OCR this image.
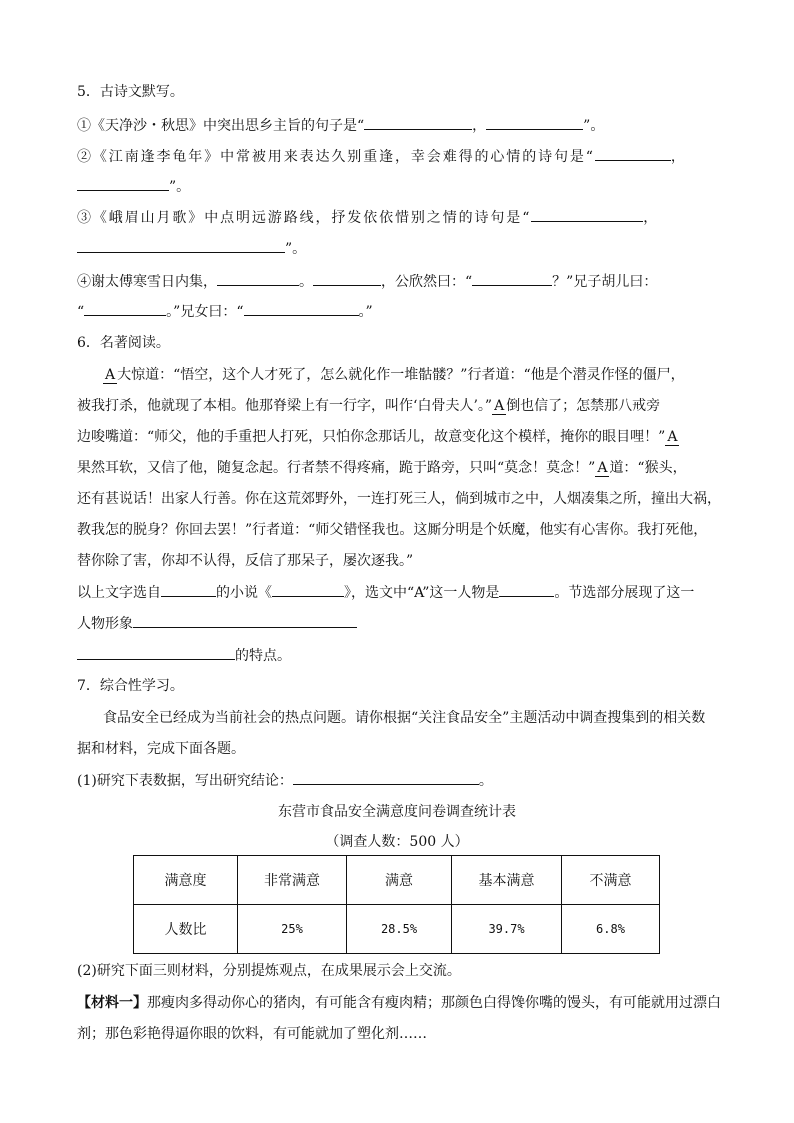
5．古诗文默写。
①《天净沙・秋思》中突出思乡主旨的句子是“	，	”。
②《江南逢李龟年》中常被用来表达久别重逢，幸会难得的心情的诗句是“	，
”。
③《峨眉山月歌》中点明远游路线，抒发依依惜别之情的诗句是“	，
”。
④谢太傅寒雪日内集，	。	，公欣然曰：“	？”兄子胡儿曰：
“	。”兄女曰：“	。”
6．名著阅读。
A 大惊道：“悟空，这个人才死了，怎么就化作一堆骷髅？”行者道：“他是个潜灵作怪的僵尸，
被我打杀，他就现了本相。他那脊梁上有一行字，叫作‘白骨夫人’。” A 倒也信了；怎禁那八戒旁
边唆嘴道：“师父，他的手重把人打死，只怕你念那话儿，故意变化这个模样，掩你的眼目哩！” A
果然耳软，又信了他，随复念起。行者禁不得疼痛，跪于路旁，只叫“莫念！莫念！” A 道：“猴头，
还有甚说话！出家人行善。你在这荒郊野外，一连打死三人，倘到城市之中，人烟凑集之所，撞出大祸，
教我怎的脱身？你回去罢！”行者道：“师父错怪我也。这厮分明是个妖魔，他实有心害你。我打死他，
替你除了害，你却不认得，反信了那呆子，屡次逐我。”
以上文字选自	的小说《	》，选文中“A”这一人物是	。节选部分展现了这一
人物形象
的特点。
7．综合性学习。
食品安全已经成为当前社会的热点问题。请你根据“关注食品安全”主题活动中调查搜集到的相关数
据和材料，完成下面各题。
(1)研究下表数据，写出研究结论：	。
东营市食品安全满意度问卷调查统计表
（调查人数：500 人）
满意度	非常满意	满意	基本满意	不满意
人数比	25%	28.5%	39.7%	6.8%
(2)研究下面三则材料，分别提炼观点，在成果展示会上交流。
【材料一】那瘦肉多得动你心的猪肉，有可能含有瘦肉精；那颜色白得馋你嘴的馒头，有可能就用过漂白
剂；那色彩艳得逼你眼的饮料，有可能就加了塑化剂……
